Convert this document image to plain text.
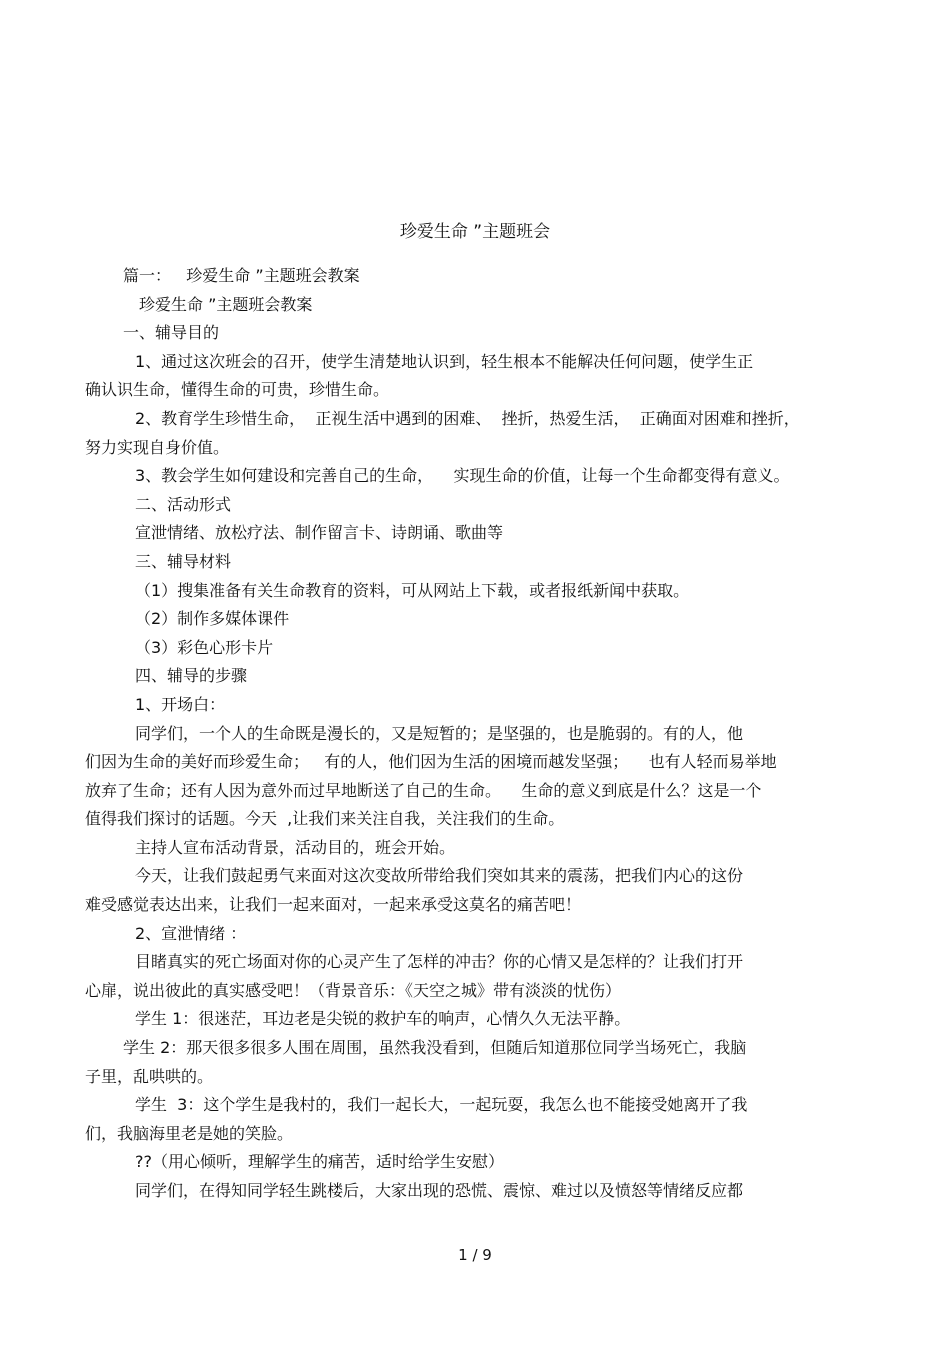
珍爱生命 ”主题班会
篇一：   珍爱生命 ”主题班会教案
珍爱生命 ”主题班会教案
一、辅导目的
1、通过这次班会的召开，使学生清楚地认识到，轻生根本不能解决任何问题，使学生正
确认识生命，懂得生命的可贵，珍惜生命。
2、教育学生珍惜生命，  正视生活中遇到的困难、  挫折，热爱生活，  正确面对困难和挫折，
努力实现自身价值。
3、教会学生如何建设和完善自己的生命，    实现生命的价值，让每一个生命都变得有意义。
二、活动形式
宣泄情绪、放松疗法、制作留言卡、诗朗诵、歌曲等
三、辅导材料
（1）搜集准备有关生命教育的资料，可从网站上下载，或者报纸新闻中获取。
（2）制作多媒体课件
（3）彩色心形卡片
四、辅导的步骤
1、开场白：
同学们，一个人的生命既是漫长的，又是短暂的；是坚强的，也是脆弱的。有的人，他
们因为生命的美好而珍爱生命；   有的人，他们因为生活的困境而越发坚强；    也有人轻而易举地
放弃了生命；还有人因为意外而过早地断送了自己的生命。    生命的意义到底是什么？这是一个
值得我们探讨的话题。今天  ,让我们来关注自我，关注我们的生命。
主持人宣布活动背景，活动目的，班会开始。
今天，让我们鼓起勇气来面对这次变故所带给我们突如其来的震荡，把我们内心的这份
难受感觉表达出来，让我们一起来面对，一起来承受这莫名的痛苦吧！
2、宣泄情绪 ：
目睹真实的死亡场面对你的心灵产生了怎样的冲击？你的心情又是怎样的？让我们打开
心扉，说出彼此的真实感受吧！（背景音乐：《天空之城》带有淡淡的忧伤）
学生 1：很迷茫，耳边老是尖锐的救护车的响声，心情久久无法平静。
学生 2：那天很多很多人围在周围，虽然我没看到，但随后知道那位同学当场死亡，我脑
子里，乱哄哄的。
学生  3：这个学生是我村的，我们一起长大，一起玩耍，我怎么也不能接受她离开了我
们，我脑海里老是她的笑脸。
??（用心倾听，理解学生的痛苦，适时给学生安慰）
同学们，在得知同学轻生跳楼后，大家出现的恐慌、震惊、难过以及愤怒等情绪反应都
1 / 9
